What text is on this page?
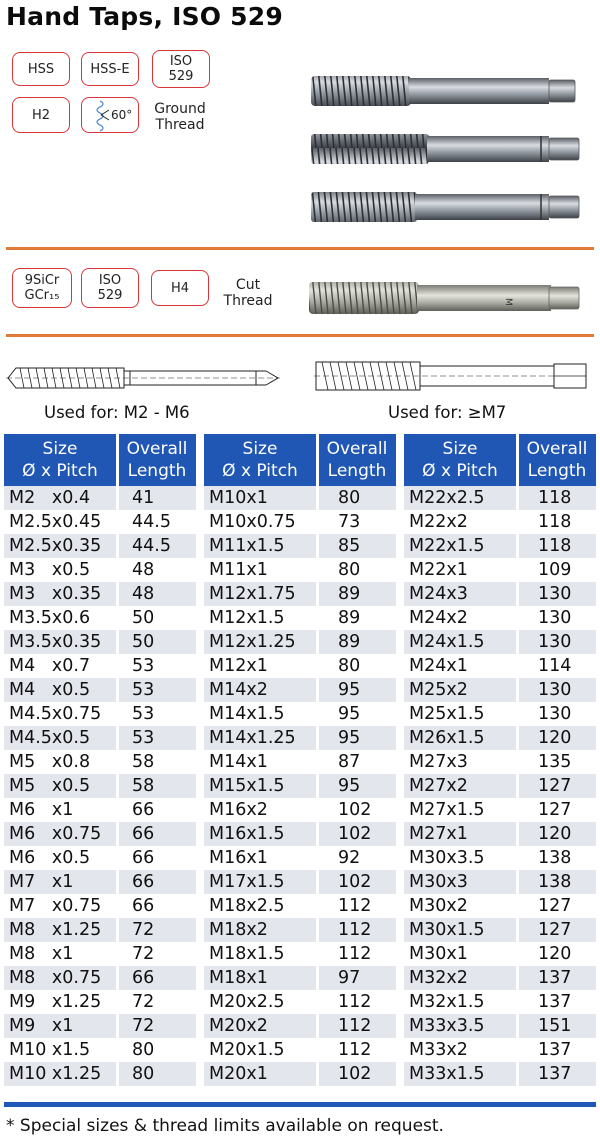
Hand Taps, ISO 529
HSS	HSS-E	ISO
529
H2	60°	Ground
Thread
9SiCr
GCr₁₅
ISO
529	H4	Cut
Thread	M
Used for: M2 - M6	Used for: ≥M7
Size
Ø x Pitch
Overall
Length
M2   x0.4 41
M2.5x0.45 44.5
M2.5x0.35 44.5
M3   x0.5 48
M3   x0.35 48
M3.5x0.6 50
M3.5x0.35 50
M4   x0.7 53
M4   x0.5 53
M4.5x0.75 53
M4.5x0.5 53
M5   x0.8 58
M5   x0.5 58
M6   x1	66
M6   x0.75 66
M6   x0.5 66
M7   x1	66
M7   x0.75 66
M8   x1.25 72
M8   x1	72
M8   x0.75 66
M9   x1.25 72
M9   x1	72
M10 x1.5 80
M10 x1.25 80
Size
Ø x Pitch
Overall
Length
M10x1	80
M10x0.75 73
M11x1.5	85
M11x1	80
M12x1.75 89
M12x1.5	89
M12x1.25 89
M12x1	80
M14x2	95
M14x1.5	95
M14x1.25 95
M14x1	87
M15x1.5	95
M16x2	102
M16x1.5	102
M16x1	92
M17x1.5	102
M18x2.5	112
M18x2	112
M18x1.5	112
M18x1	97
M20x2.5	112
M20x2	112
M20x1.5	112
M20x1	102
Size
Ø x Pitch
Overall
Length
M22x2.5	118
M22x2	118
M22x1.5	118
M22x1	109
M24x3	130
M24x2	130
M24x1.5	130
M24x1	114
M25x2	130
M25x1.5	130
M26x1.5	120
M27x3	135
M27x2	127
M27x1.5	127
M27x1	120
M30x3.5	138
M30x3	138
M30x2	127
M30x1.5	127
M30x1	120
M32x2	137
M32x1.5	137
M33x3.5	151
M33x2	137
M33x1.5	137
* Special sizes & thread limits available on request.
